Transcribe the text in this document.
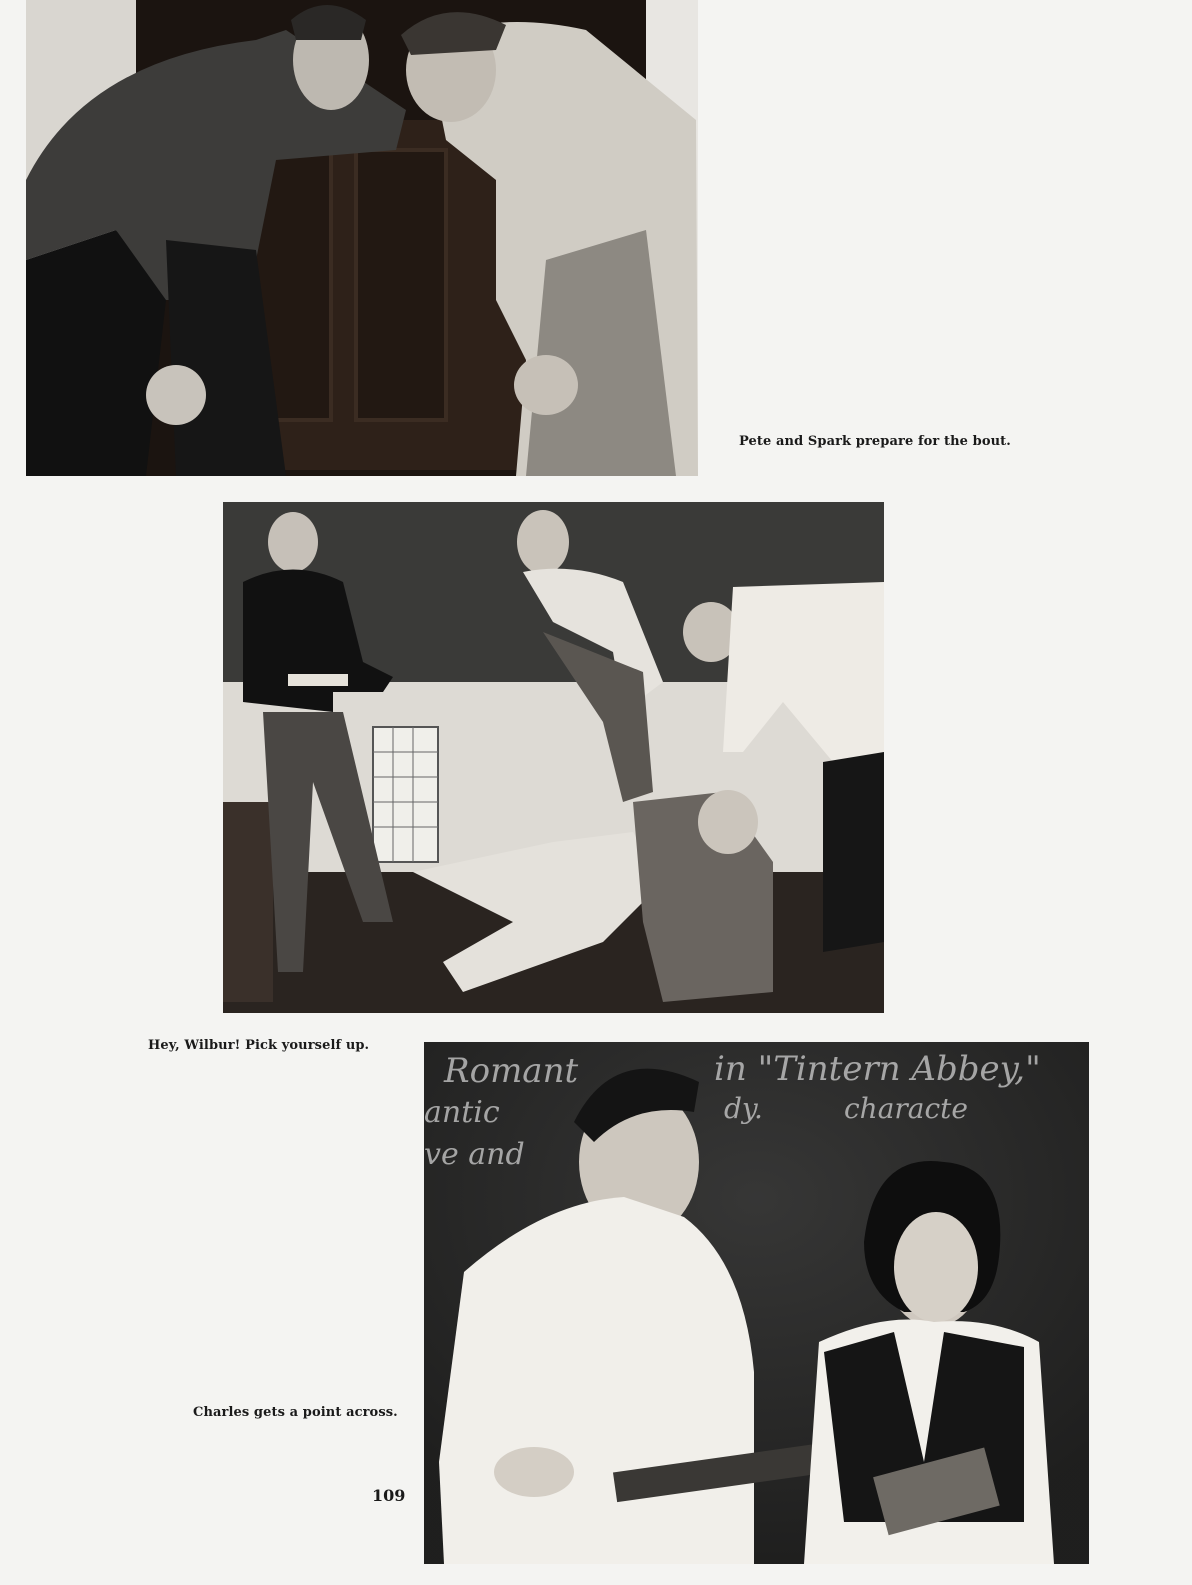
Pete and Spark prepare for the bout.
Hey, Wilbur! Pick yourself up.
Romant	in "Tintern Abbey,"
antic	dy.	characte
ve and
Charles gets a point across.
109
